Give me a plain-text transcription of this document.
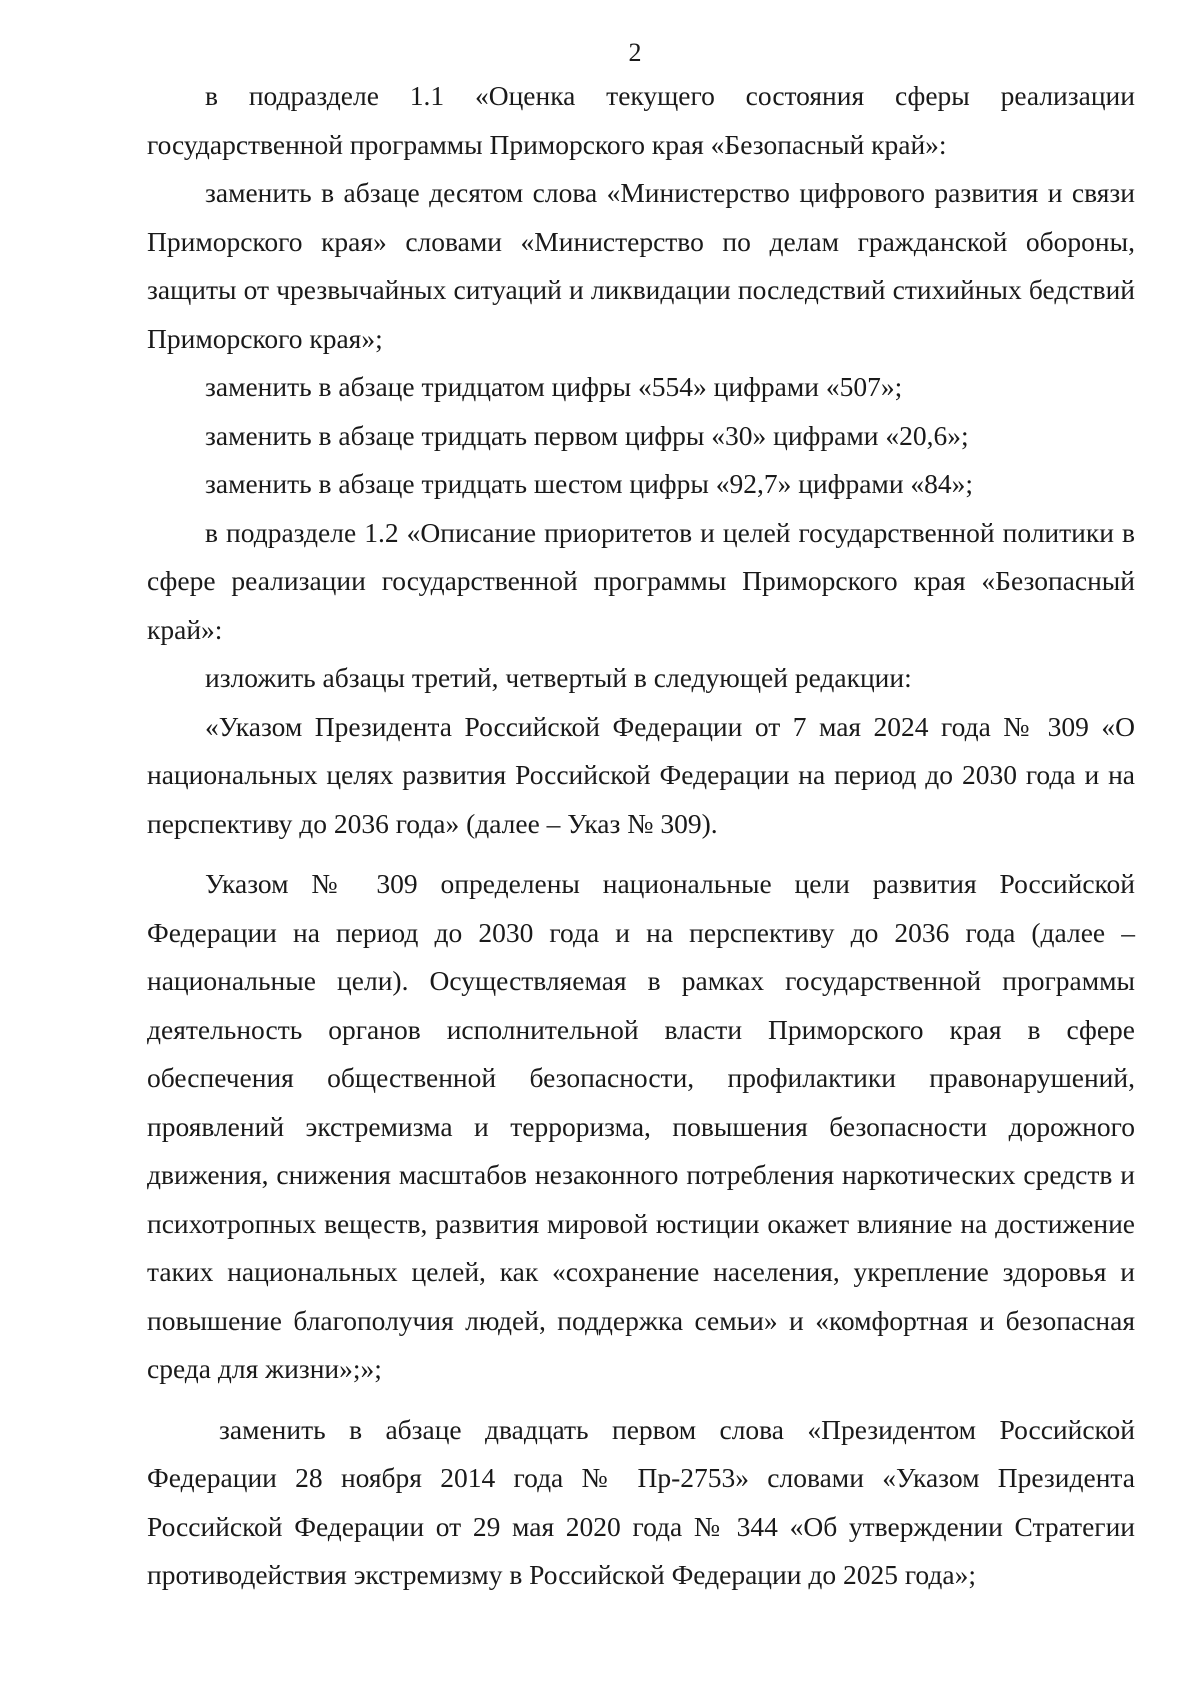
2

в подразделе 1.1 «Оценка текущего состояния сферы реализации государственной программы Приморского края «Безопасный край»:

заменить в абзаце десятом слова «Министерство цифрового развития и связи Приморского края» словами «Министерство по делам гражданской обороны, защиты от чрезвычайных ситуаций и ликвидации последствий стихийных бедствий Приморского края»;

заменить в абзаце тридцатом цифры «554» цифрами «507»;

заменить в абзаце тридцать первом цифры «30» цифрами «20,6»;

заменить в абзаце тридцать шестом цифры «92,7» цифрами «84»;

в подразделе 1.2 «Описание приоритетов и целей государственной политики в сфере реализации государственной программы Приморского края «Безопасный край»:

изложить абзацы третий, четвертый в следующей редакции:

«Указом Президента Российской Федерации от 7 мая 2024 года № 309 «О национальных целях развития Российской Федерации на период до 2030 года и на перспективу до 2036 года» (далее – Указ № 309).

Указом № 309 определены национальные цели развития Российской Федерации на период до 2030 года и на перспективу до 2036 года (далее – национальные цели). Осуществляемая в рамках государственной программы деятельность органов исполнительной власти Приморского края в сфере обеспечения общественной безопасности, профилактики правонарушений, проявлений экстремизма и терроризма, повышения безопасности дорожного движения, снижения масштабов незаконного потребления наркотических средств и психотропных веществ, развития мировой юстиции окажет влияние на достижение таких национальных целей, как «сохранение населения, укрепление здоровья и повышение благополучия людей, поддержка семьи» и «комфортная и безопасная среда для жизни»;»;

заменить в абзаце двадцать первом слова «Президентом Российской Федерации 28 ноября 2014 года № Пр-2753» словами «Указом Президента Российской Федерации от 29 мая 2020 года № 344 «Об утверждении Стратегии противодействия экстремизму в Российской Федерации до 2025 года»;
